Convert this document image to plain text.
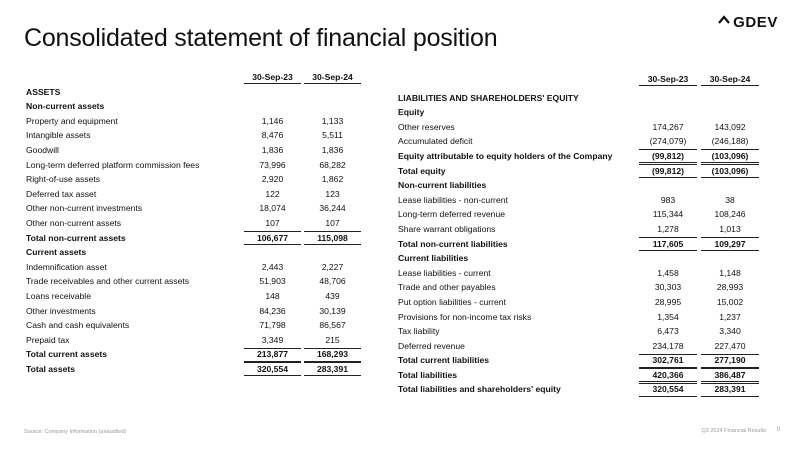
Consolidated statement of financial position
GDEV
30-Sep-23	30-Sep-24
ASSETS
Non-current assets
Property and equipment	1,146	1,133
Intangible assets	8,476	5,511
Goodwill	1,836	1,836
Long-term deferred platform commission fees	73,996	68,282
Right-of-use assets	2,920	1,862
Deferred tax asset	122	123
Other non-current investments	18,074	36,244
Other non-current assets	107	107
Total non-current assets	106,677	115,098
Current assets
Indemnification asset	2,443	2,227
Trade receivables and other current assets	51,903	48,706
Loans receivable	148	439
Other investments	84,236	30,139
Cash and cash equivalents	71,798	86,567
Prepaid tax	3,349	215
Total current assets	213,877	168,293
Total assets	320,554	283,391
30-Sep-23	30-Sep-24
LIABILITIES AND SHAREHOLDERS' EQUITY
Equity
Other reserves	174,267	143,092
Accumulated deficit	(274,079)	(246,188)
Equity attributable to equity holders of the Company	(99,812)	(103,096)
Total equity	(99,812)	(103,096)
Non-current liabilities
Lease liabilities - non-current	983	38
Long-term deferred revenue	115,344	108,246
Share warrant obligations	1,278	1,013
Total non-current liabilities	117,605	109,297
Current liabilities
Lease liabilities - current	1,458	1,148
Trade and other payables	30,303	28,993
Put option liabilities - current	28,995	15,002
Provisions for non-income tax risks	1,354	1,237
Tax liability	6,473	3,340
Deferred revenue	234,178	227,470
Total current liabilities	302,761	277,190
Total liabilities	420,366	386,487
Total liabilities and shareholders' equity	320,554	283,391
Source: Company Information (unaudited)	Q3 2024 Financial Results 9
